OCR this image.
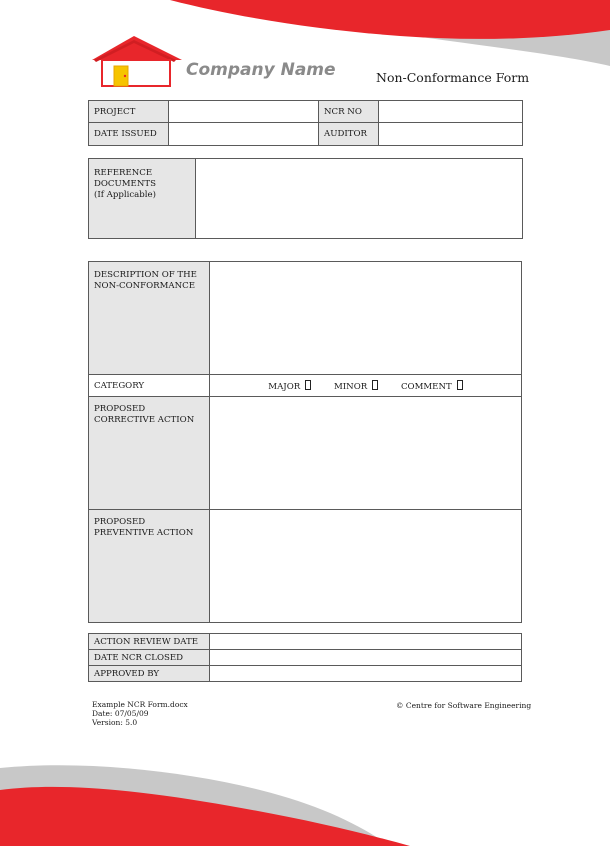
Company Name	Non-Conformance Form
PROJECT		NCR NO	
DATE ISSUED		AUDITOR	
REFERENCE
DOCUMENTS
(If Applicable)

DESCRIPTION OF THE
NON-CONFORMANCE	

CATEGORY	MAJOR MINOR COMMENT

PROPOSED
CORRECTIVE ACTION	

PROPOSED
PREVENTIVE ACTION	

ACTION REVIEW DATE	
DATE NCR CLOSED	
APPROVED BY	
Example NCR Form.docx
Date: 07/05/09
Version: 5.0
© Centre for Software Engineering
